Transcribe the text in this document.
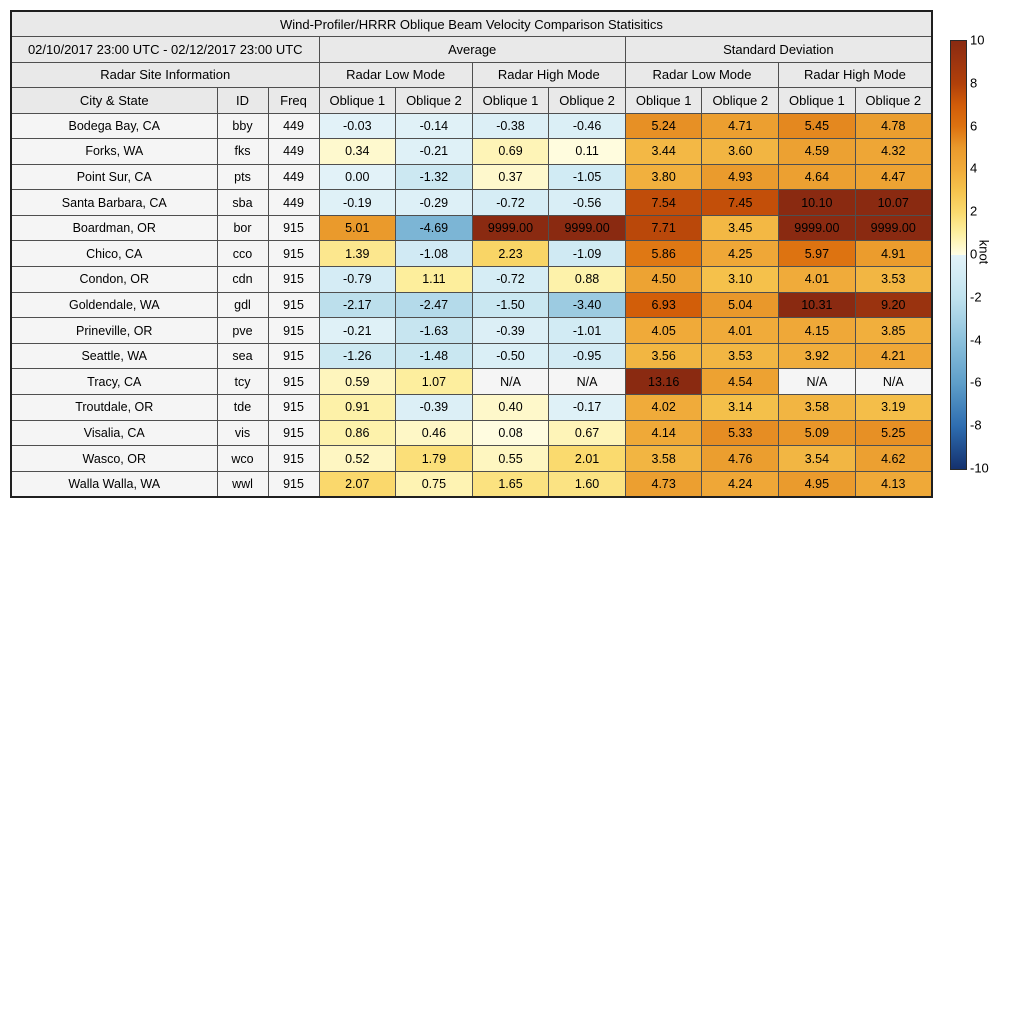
Wind-Profiler/HRRR Oblique Beam Velocity Comparison Statisitics										
02/10/2017 23:00 UTC - 02/12/2017 23:00 UTC			Average				Standard Deviation			
Radar Site Information			Radar Low Mode		Radar High Mode		Radar Low Mode		Radar High Mode	
City & State	ID	Freq	Oblique 1	Oblique 2	Oblique 1	Oblique 2	Oblique 1	Oblique 2	Oblique 1	Oblique 2
Bodega Bay, CA	bby	449	-0.03	-0.14	-0.38	-0.46	5.24	4.71	5.45	4.78
Forks, WA	fks	449	0.34	-0.21	0.69	0.11	3.44	3.60	4.59	4.32
Point Sur, CA	pts	449	0.00	-1.32	0.37	-1.05	3.80	4.93	4.64	4.47
Santa Barbara, CA	sba	449	-0.19	-0.29	-0.72	-0.56	7.54	7.45	10.10	10.07
Boardman, OR	bor	915	5.01	-4.69	9999.00	9999.00	7.71	3.45	9999.00	9999.00
Chico, CA	cco	915	1.39	-1.08	2.23	-1.09	5.86	4.25	5.97	4.91
Condon, OR	cdn	915	-0.79	1.11	-0.72	0.88	4.50	3.10	4.01	3.53
Goldendale, WA	gdl	915	-2.17	-2.47	-1.50	-3.40	6.93	5.04	10.31	9.20
Prineville, OR	pve	915	-0.21	-1.63	-0.39	-1.01	4.05	4.01	4.15	3.85
Seattle, WA	sea	915	-1.26	-1.48	-0.50	-0.95	3.56	3.53	3.92	4.21
Tracy, CA	tcy	915	0.59	1.07	N/A	N/A	13.16	4.54	N/A	N/A
Troutdale, OR	tde	915	0.91	-0.39	0.40	-0.17	4.02	3.14	3.58	3.19
Visalia, CA	vis	915	0.86	0.46	0.08	0.67	4.14	5.33	5.09	5.25
Wasco, OR	wco	915	0.52	1.79	0.55	2.01	3.58	4.76	3.54	4.62
Walla Walla, WA	wwl	915	2.07	0.75	1.65	1.60	4.73	4.24	4.95	4.13
10
8
6
4
2
0
-2
-4
-6
-8
-10
knot
